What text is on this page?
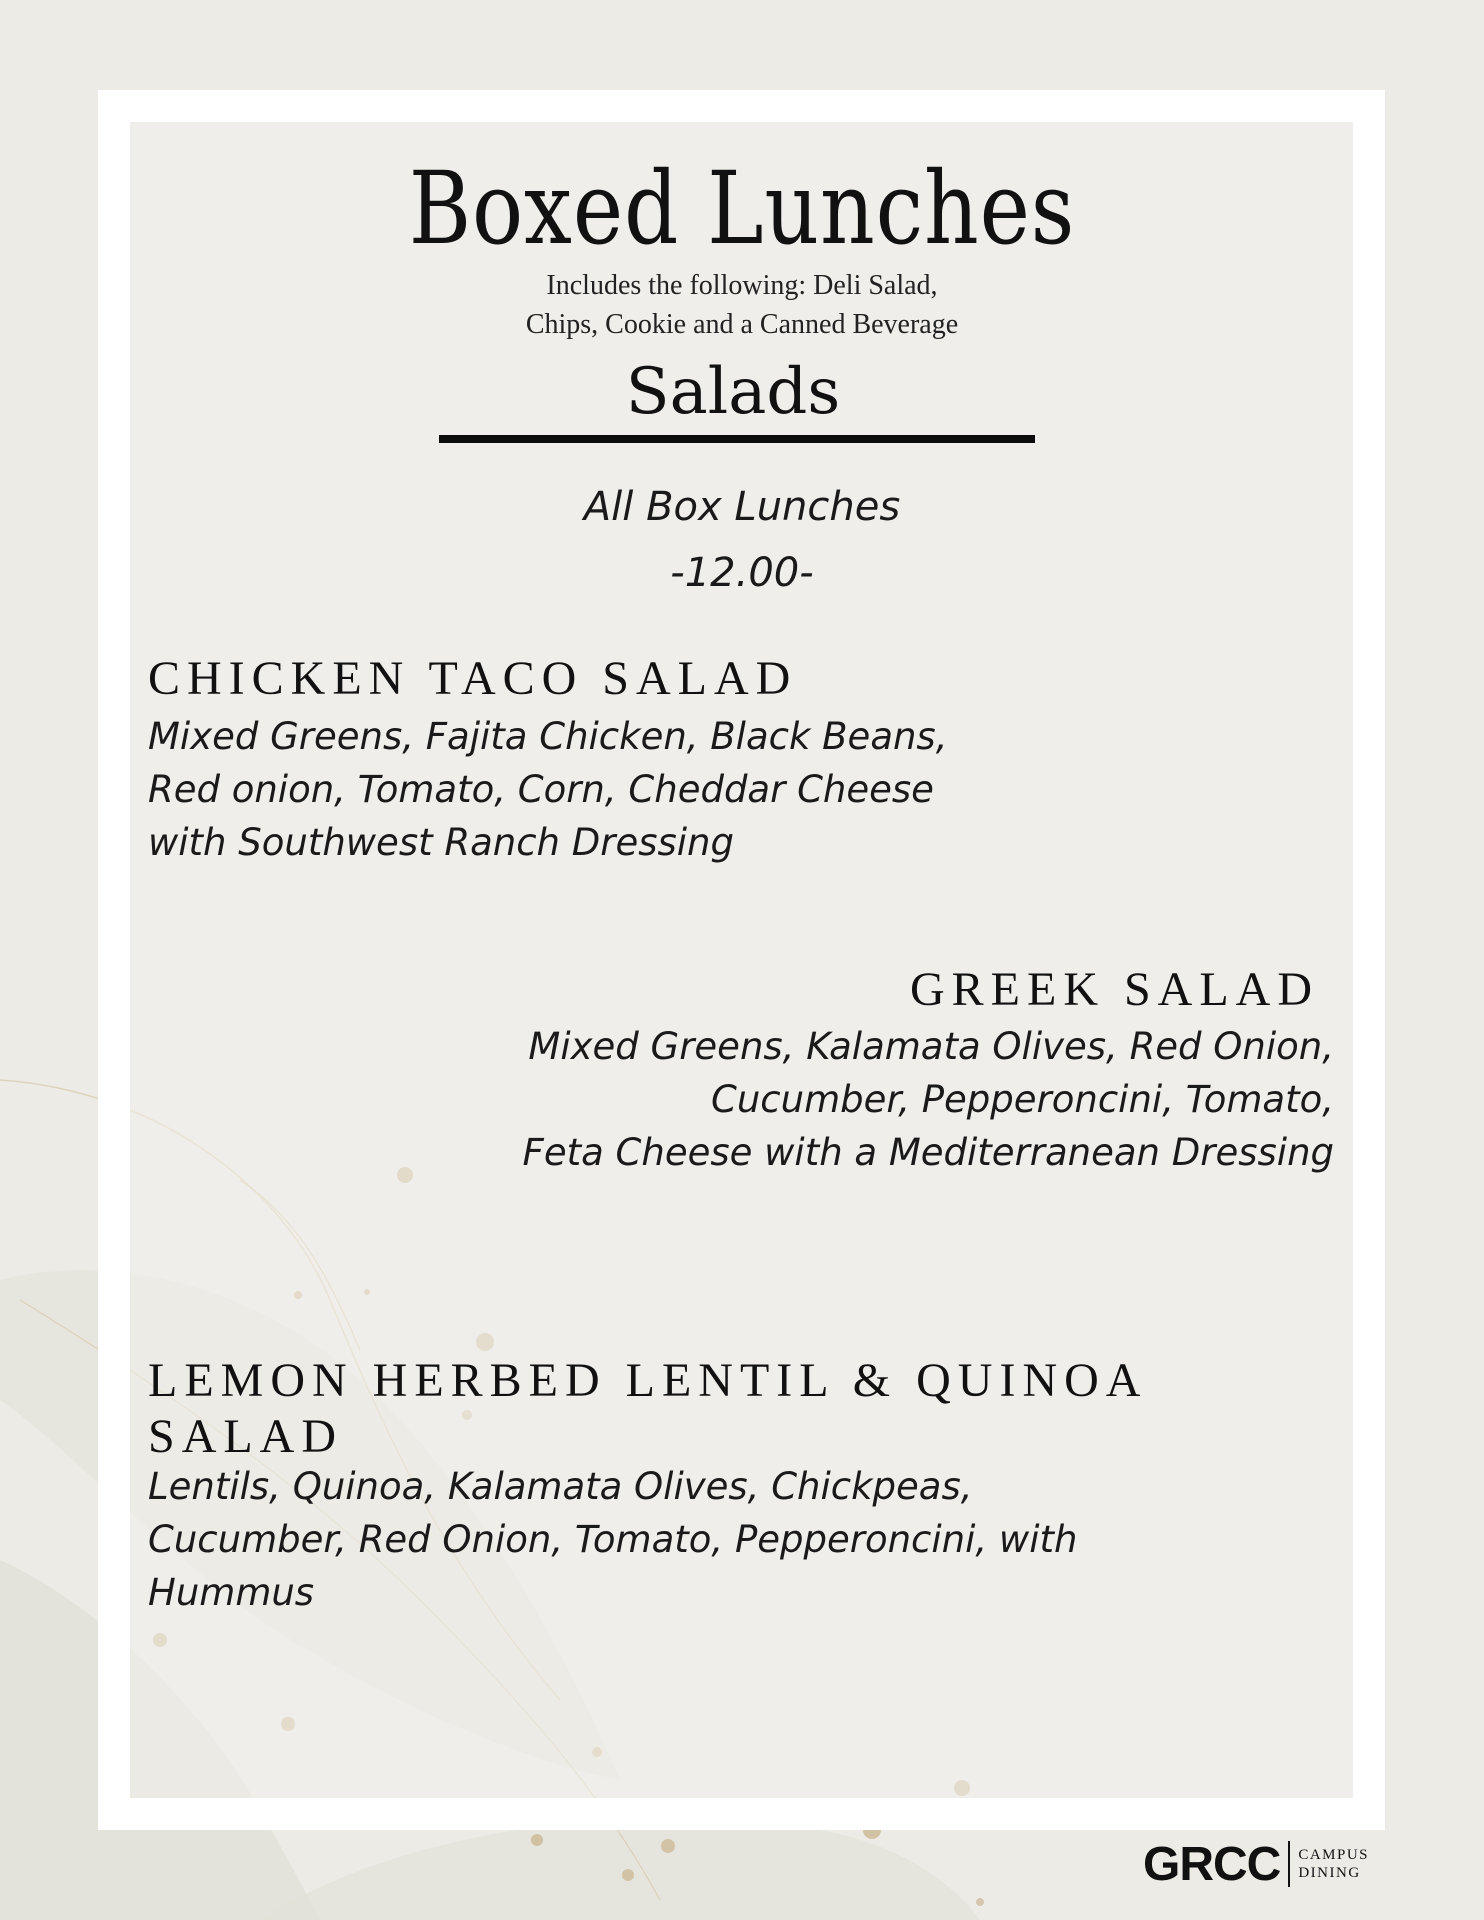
Boxed Lunches
Includes the following: Deli Salad,
Chips, Cookie and a Canned Beverage
Salads
All Box Lunches
-12.00-
CHICKEN TACO SALAD
Mixed Greens, Fajita Chicken, Black Beans,
Red onion, Tomato, Corn, Cheddar Cheese
with Southwest Ranch Dressing
GREEK SALAD
Mixed Greens, Kalamata Olives, Red Onion,
Cucumber, Pepperoncini, Tomato,
Feta Cheese with a Mediterranean Dressing
LEMON HERBED LENTIL & QUINOA
SALAD
Lentils, Quinoa, Kalamata Olives, Chickpeas,
Cucumber, Red Onion, Tomato, Pepperoncini, with
Hummus
GRCC CAMPUS
DINING
